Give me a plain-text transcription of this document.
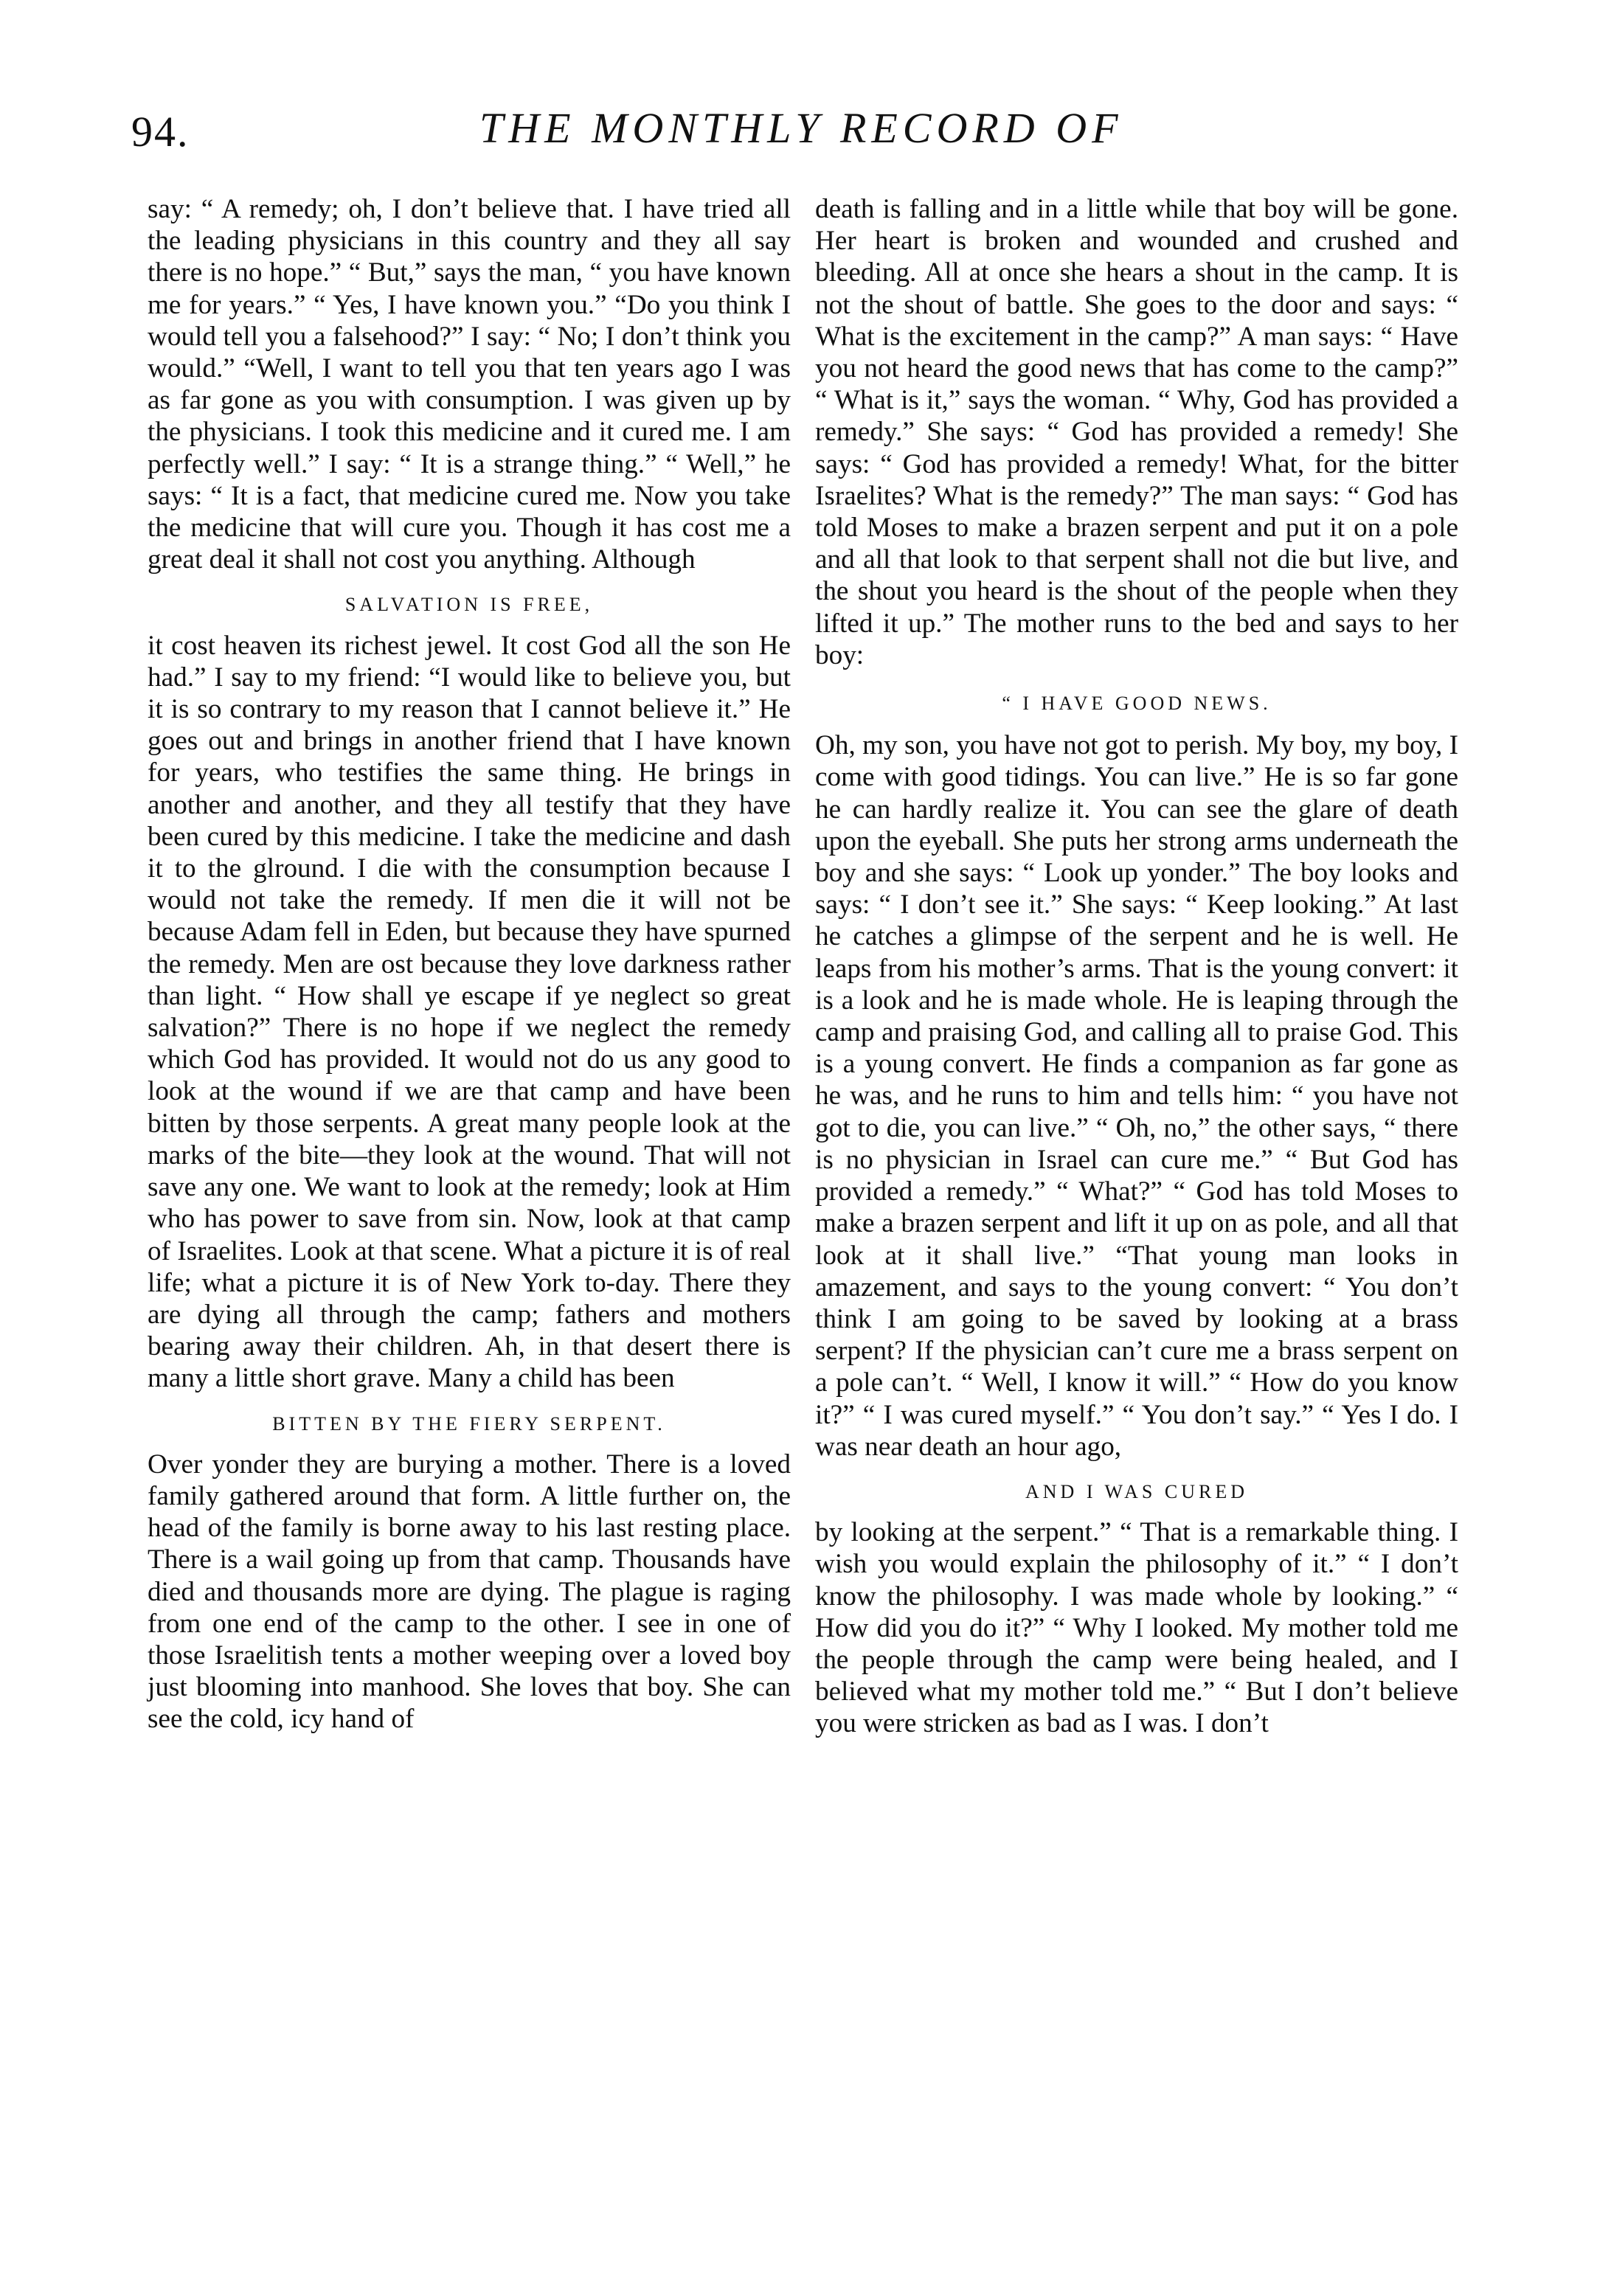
94.	THE MONTHLY RECORD OF

say: “ A remedy; oh, I don’t believe that. I have tried all the leading physicians in this country and they all say there is no hope.” “ But,” says the man, “ you have known me for years.” “ Yes, I have known you.” “Do you think I would tell you a falsehood?” I say: “ No; I don’t think you would.” “Well, I want to tell you that ten years ago I was as far gone as you with consumption. I was given up by the physicians. I took this medicine and it cured me. I am perfectly well.” I say: “ It is a strange thing.” “ Well,” he says: “ It is a fact, that medicine cured me. Now you take the medicine that will cure you. Though it has cost me a great deal it shall not cost you anything. Although

SALVATION IS FREE,

it cost heaven its richest jewel. It cost God all the son He had.” I say to my friend: “I would like to believe you, but it is so contrary to my reason that I cannot believe it.” He goes out and brings in another friend that I have known for years, who testifies the same thing. He brings in another and another, and they all testify that they have been cured by this medicine. I take the medicine and dash it to the glround. I die with the consumption because I would not take the remedy. If men die it will not be because Adam fell in Eden, but because they have spurned the remedy. Men are ost because they love darkness rather than light. “ How shall ye escape if ye neglect so great salvation?” There is no hope if we neglect the remedy which God has provided. It would not do us any good to look at the wound if we are that camp and have been bitten by those serpents. A great many people look at the marks of the bite—they look at the wound. That will not save any one. We want to look at the remedy; look at Him who has power to save from sin. Now, look at that camp of Israelites. Look at that scene. What a picture it is of real life; what a picture it is of New York to-day. There they are dying all through the camp; fathers and mothers bearing away their children. Ah, in that desert there is many a little short grave. Many a child has been

BITTEN BY THE FIERY SERPENT.

Over yonder they are burying a mother. There is a loved family gathered around that form. A little further on, the head of the family is borne away to his last resting place. There is a wail going up from that camp. Thousands have died and thousands more are dying. The plague is raging from one end of the camp to the other. I see in one of those Israelitish tents a mother weeping over a loved boy just blooming into manhood. She loves that boy. She can see the cold, icy hand of

death is falling and in a little while that boy will be gone. Her heart is broken and wounded and crushed and bleeding. All at once she hears a shout in the camp. It is not the shout of battle. She goes to the door and says: “ What is the excitement in the camp?” A man says: “ Have you not heard the good news that has come to the camp?” “ What is it,” says the woman. “ Why, God has provided a remedy.” She says: “ God has provided a remedy! She says: “ God has provided a remedy! What, for the bitter Israelites? What is the remedy?” The man says: “ God has told Moses to make a brazen serpent and put it on a pole and all that look to that serpent shall not die but live, and the shout you heard is the shout of the people when they lifted it up.” The mother runs to the bed and says to her boy:

“ I HAVE GOOD NEWS.

Oh, my son, you have not got to perish. My boy, my boy, I come with good tidings. You can live.” He is so far gone he can hardly realize it. You can see the glare of death upon the eyeball. She puts her strong arms underneath the boy and she says: “ Look up yonder.” The boy looks and says: “ I don’t see it.” She says: “ Keep looking.” At last he catches a glimpse of the serpent and he is well. He leaps from his mother’s arms. That is the young convert: it is a look and he is made whole. He is leaping through the camp and praising God, and calling all to praise God. This is a young convert. He finds a companion as far gone as he was, and he runs to him and tells him: “ you have not got to die, you can live.” “ Oh, no,” the other says, “ there is no physician in Israel can cure me.” “ But God has provided a remedy.” “ What?” “ God has told Moses to make a brazen serpent and lift it up on as pole, and all that look at it shall live.” “That young man looks in amazement, and says to the young convert: “ You don’t think I am going to be saved by looking at a brass serpent? If the physician can’t cure me a brass serpent on a pole can’t. “ Well, I know it will.” “ How do you know it?” “ I was cured myself.” “ You don’t say.” “ Yes I do. I was near death an hour ago,

AND I WAS CURED

by looking at the serpent.” “ That is a remarkable thing. I wish you would explain the philosophy of it.” “ I don’t know the philosophy. I was made whole by looking.” “ How did you do it?” “ Why I looked. My mother told me the people through the camp were being healed, and I believed what my mother told me.” “ But I don’t believe you were stricken as bad as I was. I don’t
